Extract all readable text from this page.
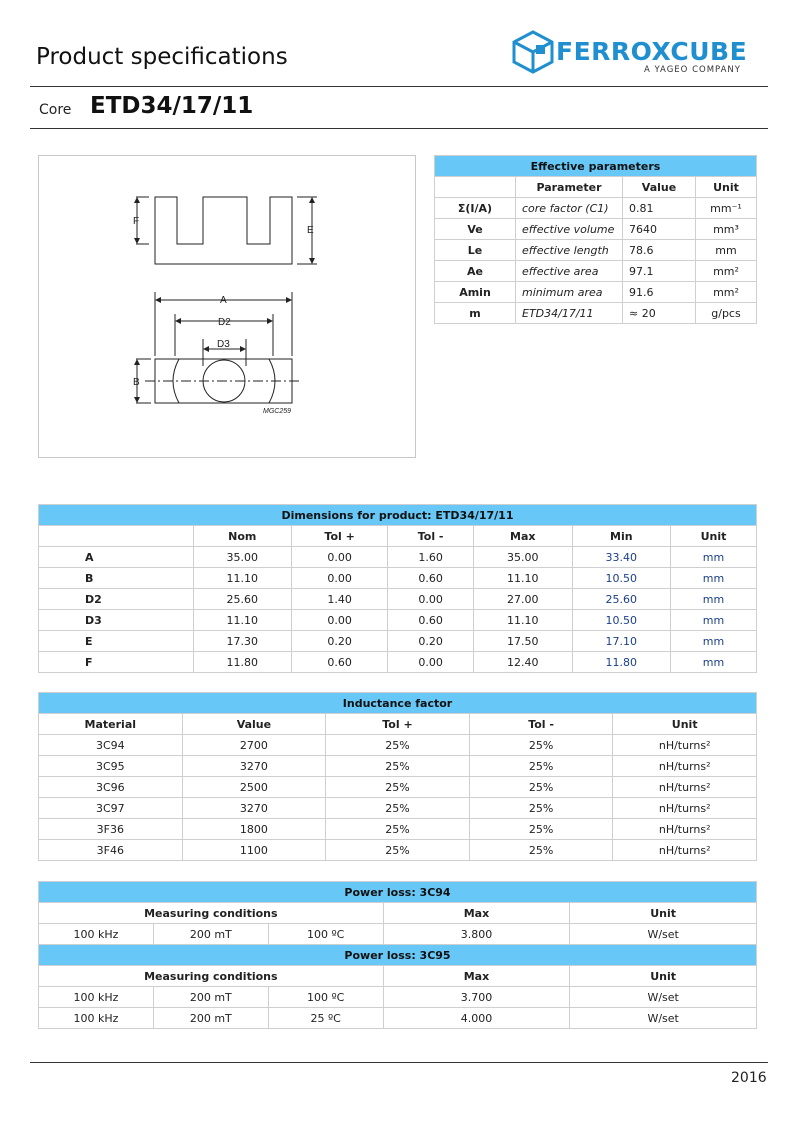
Product specifications	FERROXCUBE
A YAGEO COMPANY
Core ETD34/17/11
F
E
A
D2
D3
B
MGC259
Effective parameters			
	Parameter	Value	Unit
Σ(I/A)	core factor (C1)	0.81	mm⁻¹
Ve	effective volume	7640	mm³
Le	effective length	78.6	mm
Ae	effective area	97.1	mm²
Amin	minimum area	91.6	mm²
m	ETD34/17/11	≈ 20	g/pcs
Dimensions for product: ETD34/17/11						
	Nom	Tol +	Tol -	Max	Min	Unit
A	35.00	0.00	1.60	35.00	33.40	mm
B	11.10	0.00	0.60	11.10	10.50	mm
D2	25.60	1.40	0.00	27.00	25.60	mm
D3	11.10	0.00	0.60	11.10	10.50	mm
E	17.30	0.20	0.20	17.50	17.10	mm
F	11.80	0.60	0.00	12.40	11.80	mm
Inductance factor				
Material	Value	Tol +	Tol -	Unit
3C94	2700	25%	25%	nH/turns²
3C95	3270	25%	25%	nH/turns²
3C96	2500	25%	25%	nH/turns²
3C97	3270	25%	25%	nH/turns²
3F36	1800	25%	25%	nH/turns²
3F46	1100	25%	25%	nH/turns²
Power loss: 3C94				
Measuring conditions			Max	Unit
100 kHz	200 mT	100 ºC	3.800	W/set
Power loss: 3C95				
Measuring conditions			Max	Unit
100 kHz	200 mT	100 ºC	3.700	W/set
100 kHz	200 mT	25 ºC	4.000	W/set
2016
